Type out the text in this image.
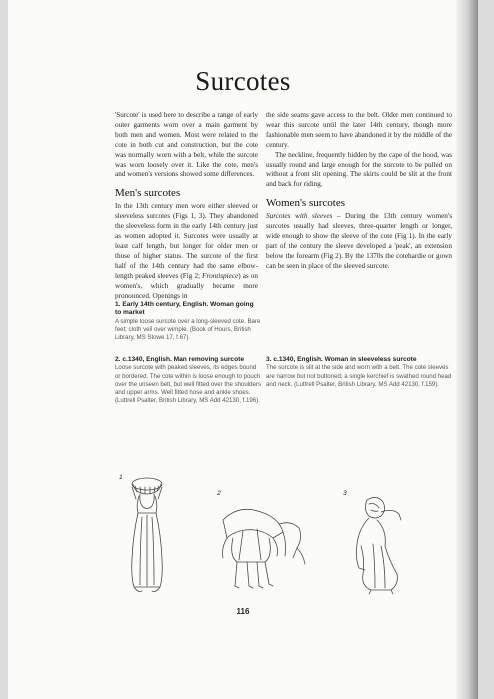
Surcotes

'Surcote' is used here to describe a range of early outer garments worn over a main garment by both men and women. Most were related to the cote in both cut and construction, but the cote was normally worn with a belt, while the surcote was worn loosely over it. Like the cote, men's and women's versions showed some differences.

Men's surcotes

In the 13th century men wore either sleeved or sleeveless surcotes (Figs 1, 3). They abandoned the sleeveless form in the early 14th century just as women adopted it. Surcotes were usually at least calf length, but longer for older men or those of higher status. The surcote of the first half of the 14th century had the same elbow-length peaked sleeves (Fig 2; Frontispiece) as on women's, which gradually became more pronounced. Openings in

the side seams gave access to the belt. Older men continued to wear this surcote until the later 14th century, though more fashionable men seem to have abandoned it by the middle of the century.

The neckline, frequently hidden by the cape of the hood, was usually round and large enough for the surcote to be pulled on without a front slit opening. The skirts could be slit at the front and back for riding.

Women's surcotes

Surcotes with sleeves – During the 13th century women's surcotes usually had sleeves, three-quarter length or longer, wide enough to show the sleeve of the cote (Fig 1). In the early part of the century the sleeve developed a 'peak', an extension below the forearm (Fig 2). By the 1370s the cotehardie or gown can be seen in place of the sleeved surcote.

1. Early 14th century, English. Woman going to market

A simple loose surcote over a long-sleeved cote. Bare feet; cloth veil over wimple. (Book of Hours, British Library, MS Stowe 17, f.67).

2. c.1340, English. Man removing surcote

Loose surcote with peaked sleeves, its edges bound or bordered. The cote within is loose enough to pouch over the unseen belt, but well fitted over the shoulders and upper arms. Well fitted hose and ankle shoes. (Luttrell Psalter, British Library, MS Add 42130, f.196).

3. c.1340, English. Woman in sleeveless surcote

The surcote is slit at the side and worn with a belt. The cote sleeves are narrow but not buttoned; a single kerchief is swathed round head and neck. (Luttrell Psalter, British Library, MS Add 42130, f.159).

1
2	3
116
